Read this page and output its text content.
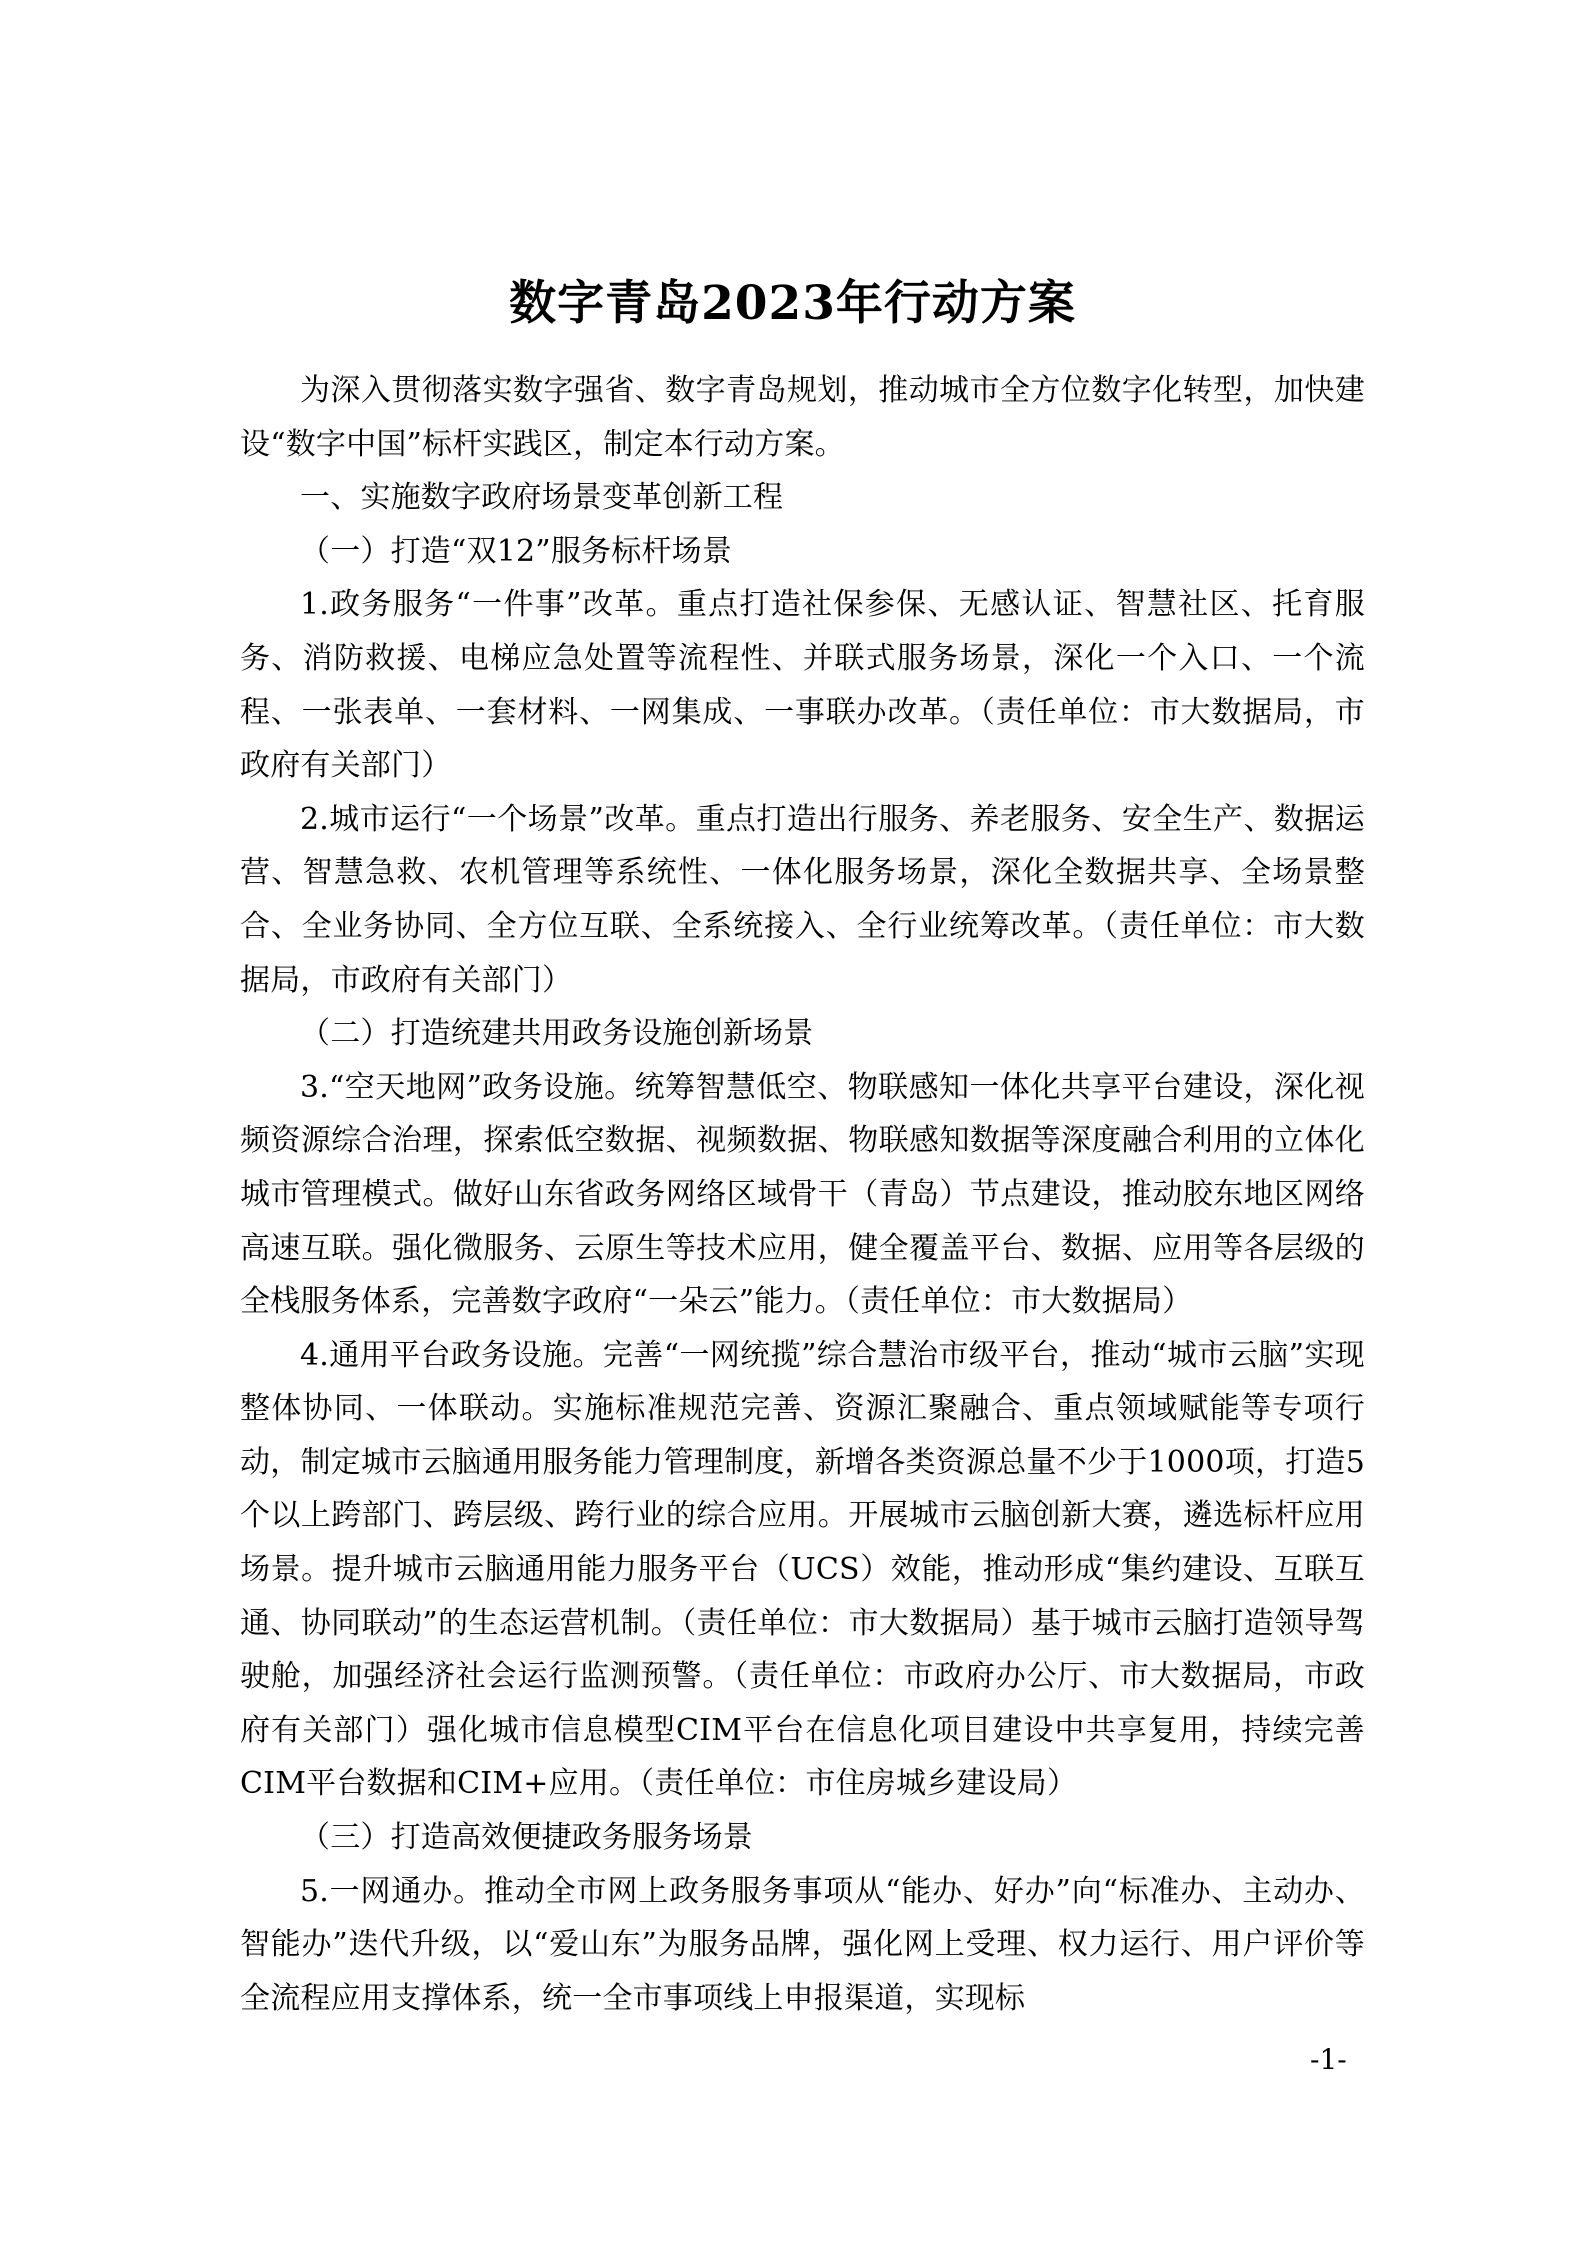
数字青岛2023年行动方案

为深入贯彻落实数字强省、数字青岛规划，推动城市全方位数字化转型，加快建设“数字中国”标杆实践区，制定本行动方案。

一、实施数字政府场景变革创新工程

（一）打造“双12”服务标杆场景

1.政务服务“一件事”改革。重点打造社保参保、无感认证、智慧社区、托育服务、消防救援、电梯应急处置等流程性、并联式服务场景，深化一个入口、一个流程、一张表单、一套材料、一网集成、一事联办改革。（责任单位：市大数据局，市政府有关部门）

2.城市运行“一个场景”改革。重点打造出行服务、养老服务、安全生产、数据运营、智慧急救、农机管理等系统性、一体化服务场景，深化全数据共享、全场景整合、全业务协同、全方位互联、全系统接入、全行业统筹改革。（责任单位：市大数据局，市政府有关部门）

（二）打造统建共用政务设施创新场景

3.“空天地网”政务设施。统筹智慧低空、物联感知一体化共享平台建设，深化视频资源综合治理，探索低空数据、视频数据、物联感知数据等深度融合利用的立体化城市管理模式。做好山东省政务网络区域骨干（青岛）节点建设，推动胶东地区网络高速互联。强化微服务、云原生等技术应用，健全覆盖平台、数据、应用等各层级的全栈服务体系，完善数字政府“一朵云”能力。（责任单位：市大数据局）

4.通用平台政务设施。完善“一网统揽”综合慧治市级平台，推动“城市云脑”实现整体协同、一体联动。实施标准规范完善、资源汇聚融合、重点领域赋能等专项行动，制定城市云脑通用服务能力管理制度，新增各类资源总量不少于1000项，打造5个以上跨部门、跨层级、跨行业的综合应用。开展城市云脑创新大赛，遴选标杆应用场景。提升城市云脑通用能力服务平台（UCS）效能，推动形成“集约建设、互联互通、协同联动”的生态运营机制。（责任单位：市大数据局）基于城市云脑打造领导驾驶舱，加强经济社会运行监测预警。（责任单位：市政府办公厅、市大数据局，市政府有关部门）强化城市信息模型CIM平台在信息化项目建设中共享复用，持续完善CIM平台数据和CIM+应用。（责任单位：市住房城乡建设局）

（三）打造高效便捷政务服务场景

5.一网通办。推动全市网上政务服务事项从“能办、好办”向“标准办、主动办、智能办”迭代升级，以“爱山东”为服务品牌，强化网上受理、权力运行、用户评价等全流程应用支撑体系，统一全市事项线上申报渠道，实现标

-1-
